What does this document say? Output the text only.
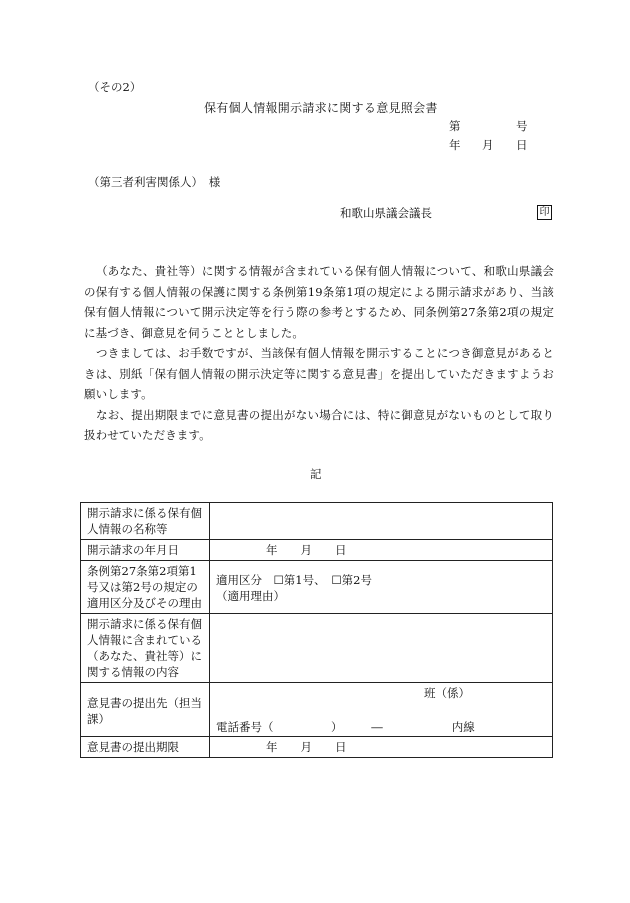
（その2）
保有個人情報開示請求に関する意見照会書
第	号
年 月 日
（第三者利害関係人）　様
和歌山県議会議長	印

（あなた、貴社等）に関する情報が含まれている保有個人情報について、和歌山県議会の保有する個人情報の保護に関する条例第19条第1項の規定による開示請求があり、当該保有個人情報について開示決定等を行う際の参考とするため、同条例第27条第2項の規定に基づき、御意見を伺うこととしました。

つきましては、お手数ですが、当該保有個人情報を開示することにつき御意見があるときは、別紙「保有個人情報の開示決定等に関する意見書」を提出していただきますようお願いします。

なお、提出期限までに意見書の提出がない場合には、特に御意見がないものとして取り扱わせていただきます。

記
開示請求に係る保有個人情報の名称等	
開示請求の年月日	年　　月　　日
条例第27条第2項第1号又は第2号の規定の適用区分及びその理由	適用区分　☐第1号、　☐第2号
（適用理由）

開示請求に係る保有個人情報に含まれている（あなた、貴社等）に関する情報の内容	

意見書の提出先（担当課）	班（係）
電話番号（　　　　　）　　　―　　　　　　内線

意見書の提出期限	年　　月　　日
